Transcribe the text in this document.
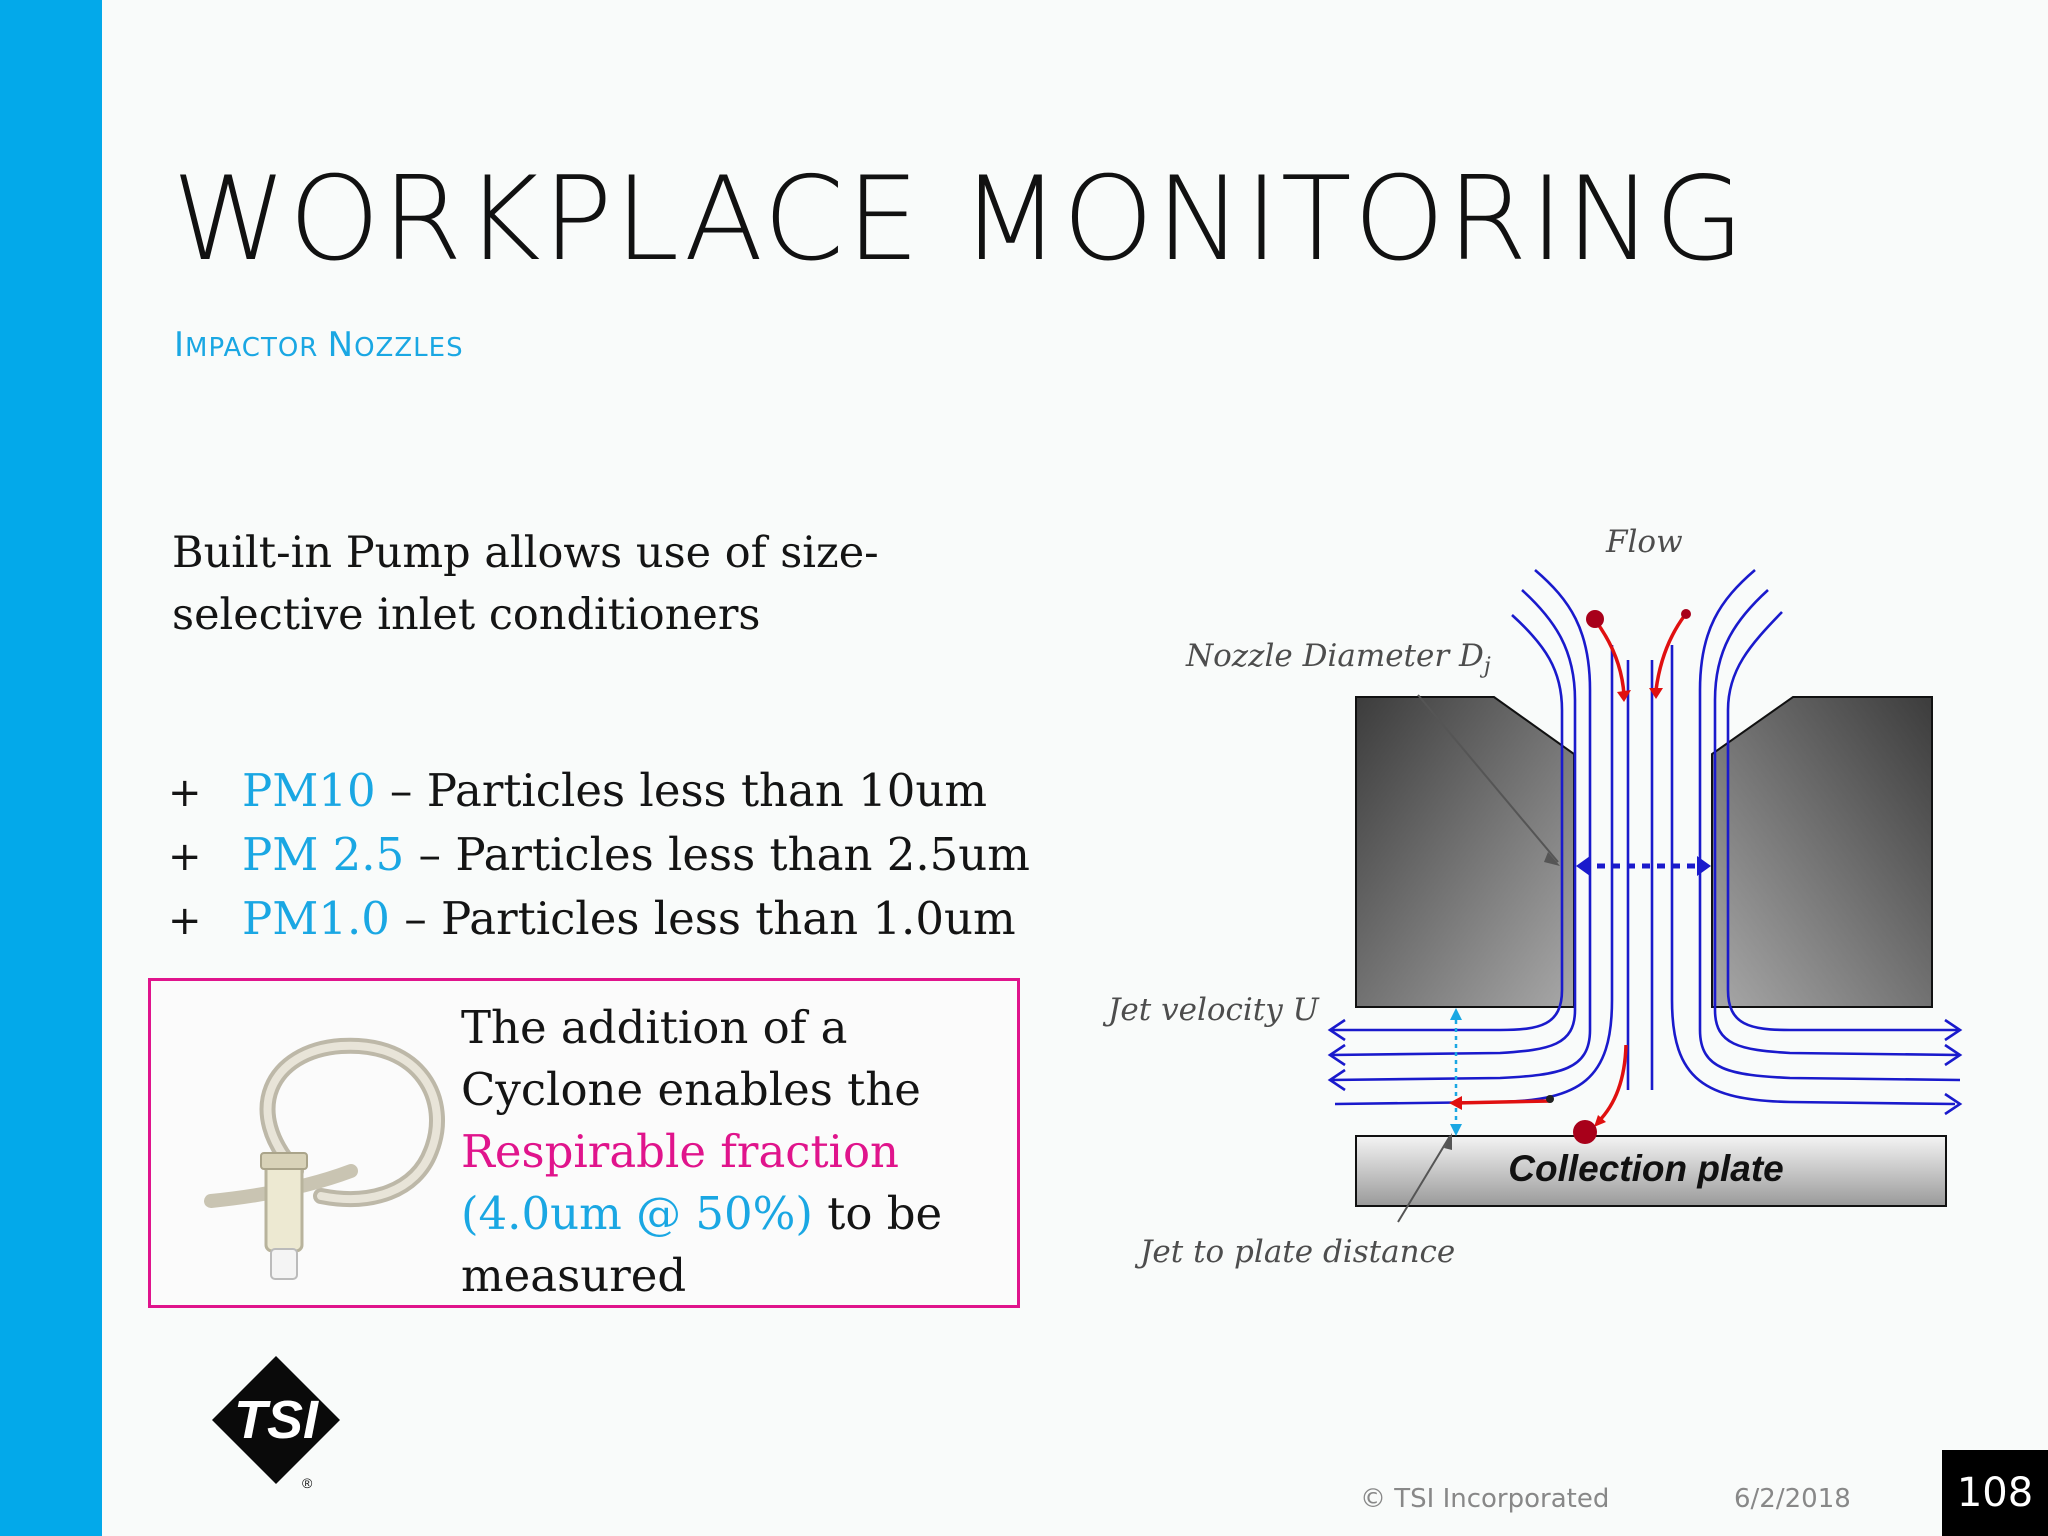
WORKPLACE MONITORING
IMPACTOR NOZZLES
Built-in Pump allows use of size-selective inlet conditioners
+ PM10 – Particles less than 10um
+ PM 2.5 – Particles less than 2.5um
+ PM1.0 – Particles less than 1.0um
The addition of a Cyclone enables the Respirable fraction
(4.0um @ 50%) to be measured
Flow
Nozzle Diameter $D_j$
Jet velocity U
Collection plate
Jet to plate distance
TSI
®
© TSI Incorporated	6/2/2018	108
